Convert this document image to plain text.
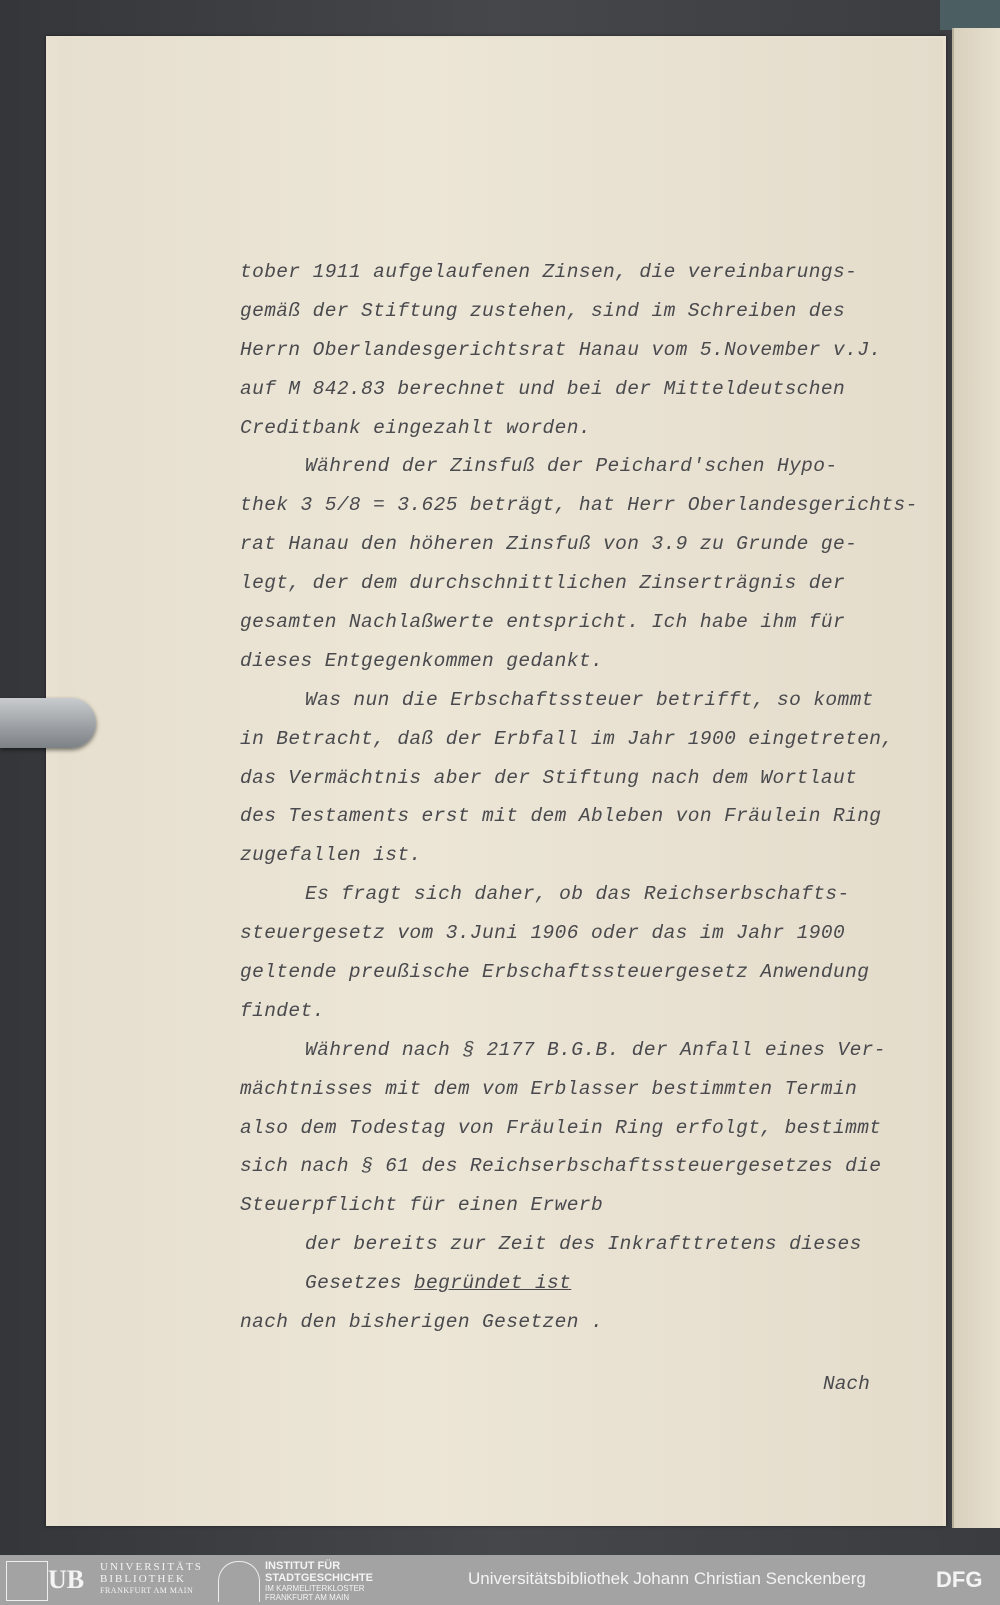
tober 1911 aufgelaufenen Zinsen, die vereinbarungs-
gemäß der Stiftung zustehen, sind im Schreiben des
Herrn Oberlandesgerichtsrat Hanau vom 5.November v.J.
auf M 842.83 berechnet und bei der Mitteldeutschen
Creditbank eingezahlt worden.
Während der Zinsfuß der Peichard'schen Hypo-
thek 3 5/8 = 3.625 beträgt, hat Herr Oberlandesgerichts-
rat Hanau den höheren Zinsfuß von 3.9 zu Grunde ge-
legt, der dem durchschnittlichen Zinserträgnis der
gesamten Nachlaßwerte entspricht. Ich habe ihm für
dieses Entgegenkommen gedankt.
Was nun die Erbschaftssteuer betrifft, so kommt
in Betracht, daß der Erbfall im Jahr 1900 eingetreten,
das Vermächtnis aber der Stiftung nach dem Wortlaut
des Testaments erst mit dem Ableben von Fräulein Ring
zugefallen ist.
Es fragt sich daher, ob das Reichserbschafts-
steuergesetz vom 3.Juni 1906 oder das im Jahr 1900
geltende preußische Erbschaftssteuergesetz Anwendung
findet.
Während nach § 2177 B.G.B. der Anfall eines Ver-
mächtnisses mit dem vom Erblasser bestimmten Termin
also dem Todestag von Fräulein Ring erfolgt, bestimmt
sich nach § 61 des Reichserbschaftssteuergesetzes die
Steuerpflicht für einen Erwerb
der bereits zur Zeit des Inkrafttretens dieses
Gesetzes begründet ist
nach den bisherigen Gesetzen .
Nach
UB UNIVERSITÄTS
BIBLIOTHEK
FRANKFURT AM MAIN
INSTITUT FÜR
STADTGESCHICHTE
IM KARMELITERKLOSTER
FRANKFURT AM MAIN
Universitätsbibliothek Johann Christian Senckenberg	DFG
